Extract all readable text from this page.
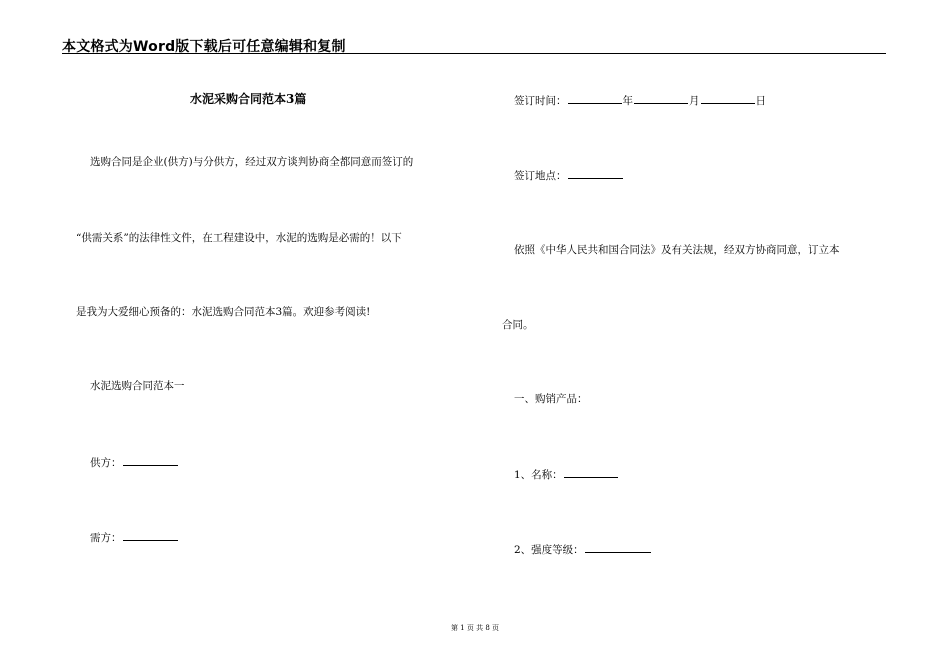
本文格式为Word版下载后可任意编辑和复制
水泥采购合同范本3篇
选购合同是企业(供方)与分供方，经过双方谈判协商全都同意而签订的
“供需关系”的法律性文件，在工程建设中，水泥的选购是必需的！以下
是我为大爱细心预备的：水泥选购合同范本3篇。欢迎参考阅读!
水泥选购合同范本一
供方：
需方：
签订时间：	年	月	日
签订地点：
依照《中华人民共和国合同法》及有关法规，经双方协商同意，订立本
合同。
一、购销产品：
1、名称：
2、强度等级：
第 1 页 共 8 页
